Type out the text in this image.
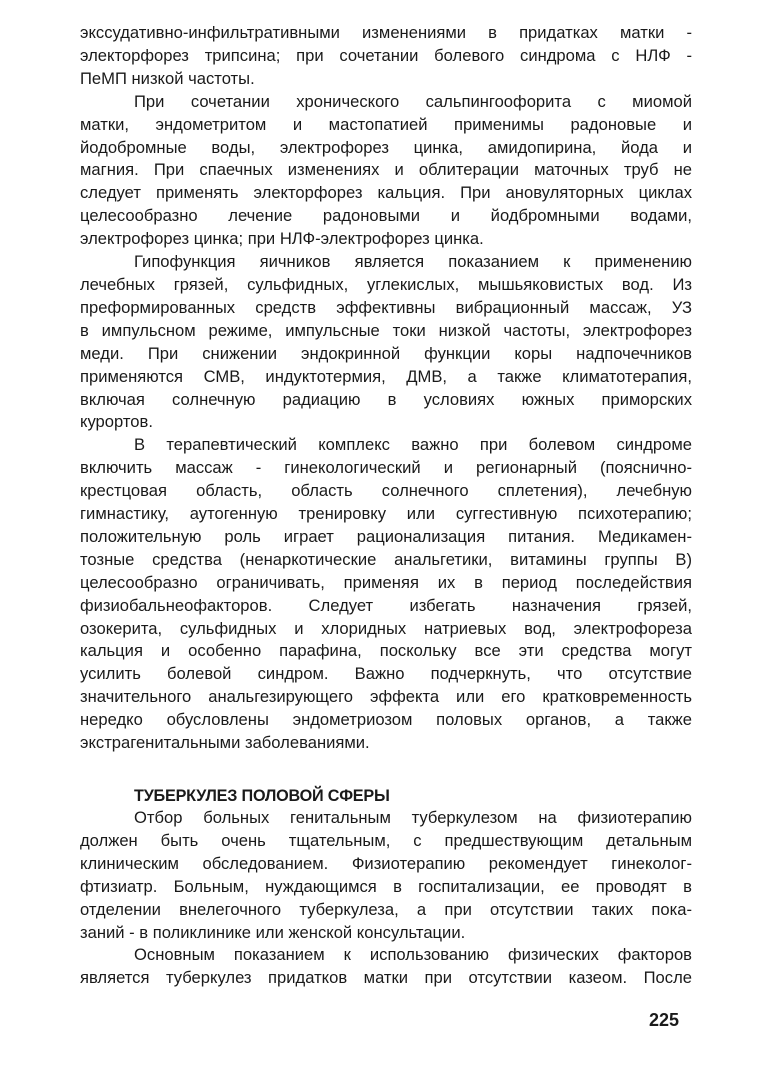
экссудативно-инфильтративными изменениями в придатках матки -
электорфорез трипсина; при сочетании болевого синдрома с НЛФ -
ПеМП низкой частоты.

При сочетании хронического сальпингоофорита с миомой
матки, эндометритом и мастопатией применимы радоновые и
йодобромные воды, электрофорез цинка, амидопирина, йода и
магния. При спаечных изменениях и облитерации маточных труб не
следует применять электорфорез кальция. При ановуляторных циклах
целесообразно лечение радоновыми и йодбромными водами,
электрофорез цинка; при НЛФ-электрофорез цинка.

Гипофункция яичников является показанием к применению
лечебных грязей, сульфидных, углекислых, мышьяковистых вод. Из
преформированных средств эффективны вибрационный массаж, УЗ
в импульсном режиме, импульсные токи низкой частоты, электрофорез
меди. При снижении эндокринной функции коры надпочечников
применяются СМВ, индуктотермия, ДМВ, а также климатотерапия,
включая солнечную радиацию в условиях южных приморских
курортов.

В терапевтический комплекс важно при болевом синдроме
включить массаж - гинекологический и регионарный (пояснично-
крестцовая область, область солнечного сплетения), лечебную
гимнастику, аутогенную тренировку или суггестивную психотерапию;
положительную роль играет рационализация питания. Медикамен-
тозные средства (ненаркотические анальгетики, витамины группы В)
целесообразно ограничивать, применяя их в период последействия
физиобальнеофакторов. Следует избегать назначения грязей,
озокерита, сульфидных и хлоридных натриевых вод, электрофореза
кальция и особенно парафина, поскольку все эти средства могут
усилить болевой синдром. Важно подчеркнуть, что отсутствие
значительного анальгезирующего эффекта или его кратковременность
нередко обусловлены эндометриозом половых органов, а также
экстрагенитальными заболеваниями.

ТУБЕРКУЛЕЗ ПОЛОВОЙ СФЕРЫ

Отбор больных генитальным туберкулезом на физиотерапию
должен быть очень тщательным, с предшествующим детальным
клиническим обследованием. Физиотерапию рекомендует гинеколог-
фтизиатр. Больным, нуждающимся в госпитализации, ее проводят в
отделении внелегочного туберкулеза, а при отсутствии таких пока-
заний - в поликлинике или женской консультации.

Основным показанием к использованию физических факторов
является туберкулез придатков матки при отсутствии казеом. После

225
